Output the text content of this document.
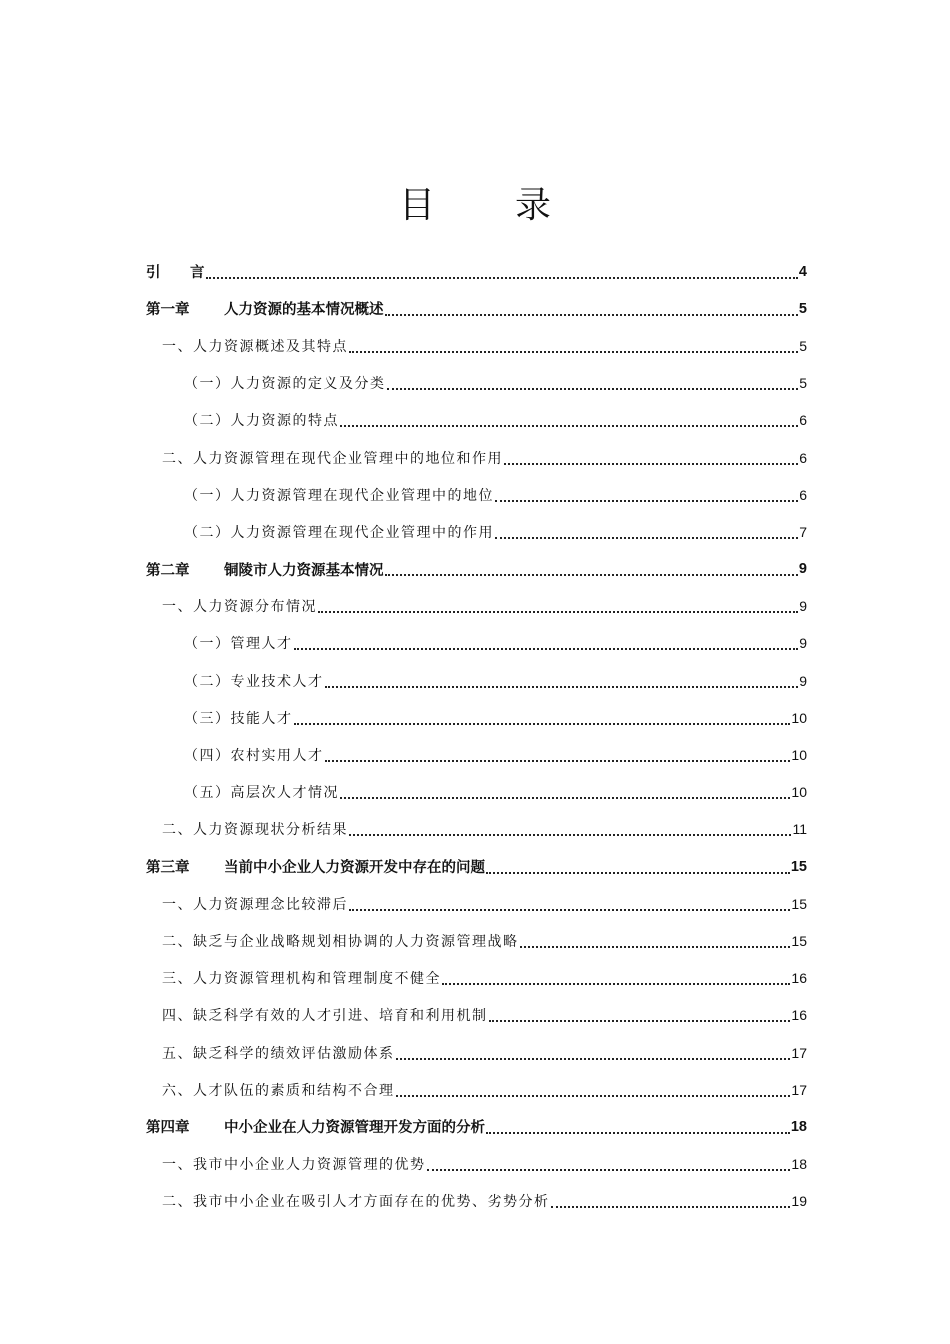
目录
引 言	4
第一章 人力资源的基本情况概述	5
一、人力资源概述及其特点	5
（一）人力资源的定义及分类	5
（二）人力资源的特点	6
二、人力资源管理在现代企业管理中的地位和作用	6
（一）人力资源管理在现代企业管理中的地位	6
（二）人力资源管理在现代企业管理中的作用	7
第二章 铜陵市人力资源基本情况	9
一、人力资源分布情况	9
（一）管理人才	9
（二）专业技术人才	9
（三）技能人才	10
（四）农村实用人才	10
（五）高层次人才情况	10
二、人力资源现状分析结果	11
第三章 当前中小企业人力资源开发中存在的问题	15
一、人力资源理念比较滞后	15
二、缺乏与企业战略规划相协调的人力资源管理战略	15
三、人力资源管理机构和管理制度不健全	16
四、缺乏科学有效的人才引进、培育和利用机制	16
五、缺乏科学的绩效评估激励体系	17
六、人才队伍的素质和结构不合理	17
第四章 中小企业在人力资源管理开发方面的分析	18
一、我市中小企业人力资源管理的优势	18
二、我市中小企业在吸引人才方面存在的优势、劣势分析	19
